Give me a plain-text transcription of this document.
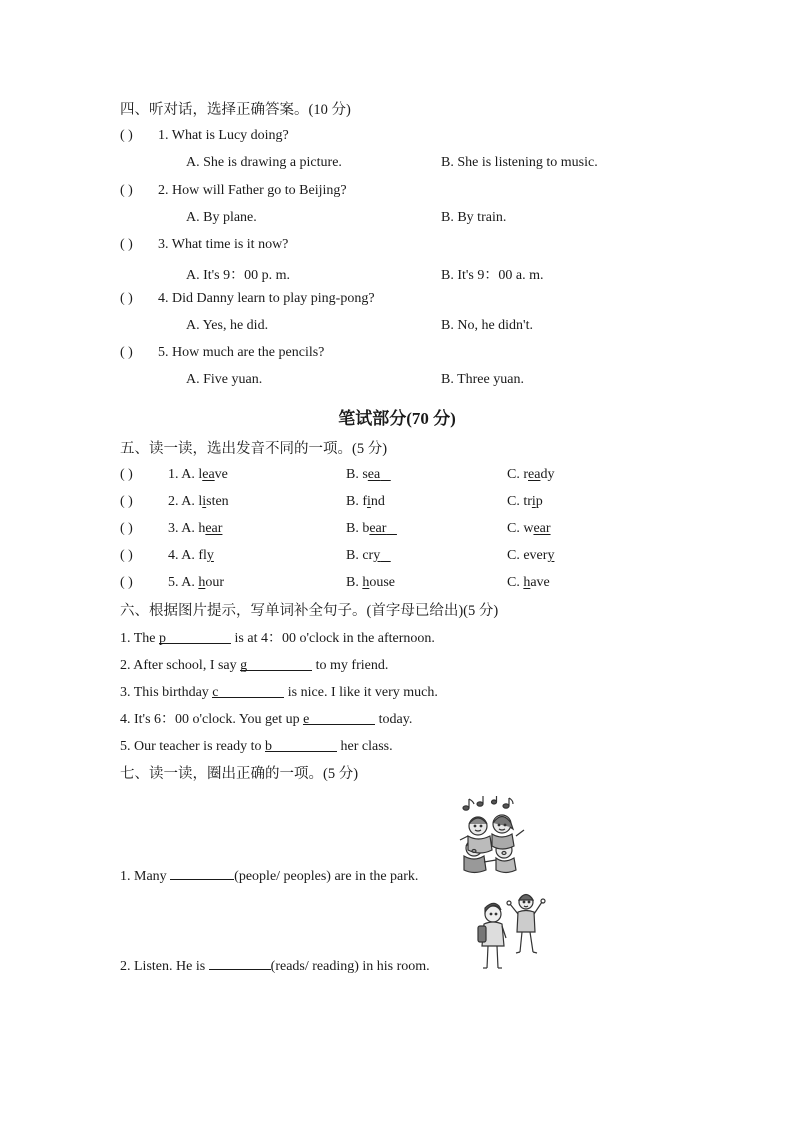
四、听对话，选择正确答案。(10 分)
( ) 1. What is Lucy doing?
A. She is drawing a picture.	B. She is listening to music.
( ) 2. How will Father go to Beijing?
A. By plane.	B. By train.
( ) 3. What time is it now?
A. It's 9：00 p. m.	B. It's 9：00 a. m.
( ) 4. Did Danny learn to play ping-pong?
A. Yes, he did.	B. No, he didn't.
( ) 5. How much are the pencils?
A. Five yuan.	B. Three yuan.
笔试部分(70 分)
五、读一读，选出发音不同的一项。(5 分)
( )	1. A. leave	B. sea	C. ready
( )	2. A. listen	B. find	C. trip
( )	3. A. hear	B. bear	C. wear
( )	4. A. fly	B. cry	C. every
( )	5. A. hour	B. house	C. have
六、根据图片提示，写单词补全句子。(首字母已给出)(5 分)
1. The p	is at 4：00 o'clock in the afternoon.
2. After school, I say g	to my friend.
3. This birthday c	is nice. I like it very much.
4. It's 6：00 o'clock. You get up e	today.
5. Our teacher is ready to b	her class.
七、读一读，圈出正确的一项。(5 分)
1. Many	(people/ peoples) are in the park.
2. Listen. He is	(reads/ reading) in his room.
